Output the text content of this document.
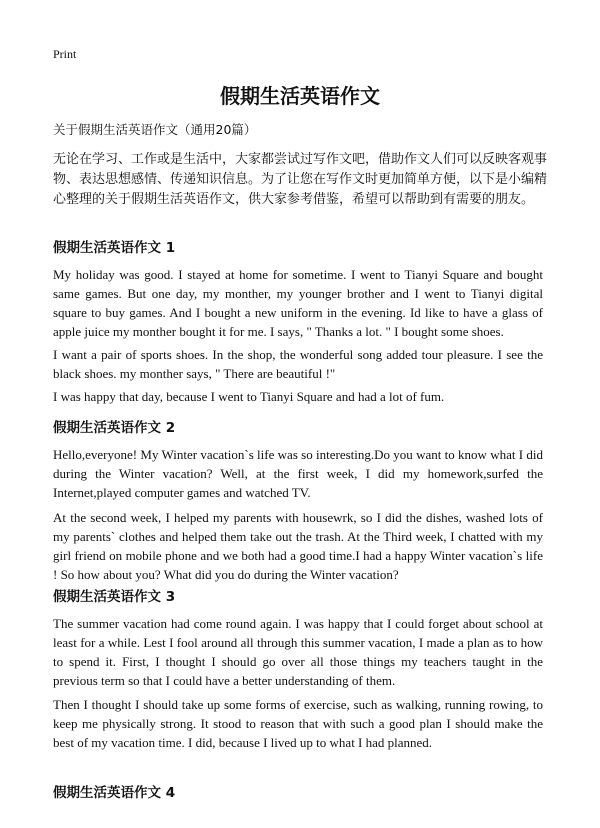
Print
假期生活英语作文
关于假期生活英语作文（通用20篇）
无论在学习、工作或是生活中，大家都尝试过写作文吧，借助作文人们可以反映客观事物、表达思想感情、传递知识信息。为了让您在写作文时更加简单方便，以下是小编精心整理的关于假期生活英语作文，供大家参考借鉴，希望可以帮助到有需要的朋友。
假期生活英语作文 1

My holiday was good. I stayed at home for sometime. I went to Tianyi Square and bought same games. But one day, my monther, my younger brother and I went to Tianyi digital square to buy games. And I bought a new uniform in the evening. Id like to have a glass of apple juice my monther bought it for me. I says, " Thanks a lot. " I bought some shoes.

I want a pair of sports shoes. In the shop, the wonderful song added tour pleasure. I see the black shoes. my monther says, " There are beautiful !"

I was happy that day, because I went to Tianyi Square and had a lot of fum.

假期生活英语作文 2

Hello,everyone! My Winter vacation`s life was so interesting.Do you want to know what I did during the Winter vacation? Well, at the first week, I did my homework,surfed the Internet,played computer games and watched TV.

At the second week, I helped my parents with housewrk, so I did the dishes, washed lots of my parents` clothes and helped them take out the trash. At the Third week, I chatted with my girl friend on mobile phone and we both had a good time.I had a happy Winter vacation`s life ! So how about you? What did you do during the Winter vacation?

假期生活英语作文 3

The summer vacation had come round again. I was happy that I could forget about school at least for a while. Lest I fool around all through this summer vacation, I made a plan as to how to spend it. First, I thought I should go over all those things my teachers taught in the previous term so that I could have a better understanding of them.

Then I thought I should take up some forms of exercise, such as walking, running rowing, to keep me physically strong. It stood to reason that with such a good plan I should make the best of my vacation time. I did, because I lived up to what I had planned.

假期生活英语作文 4
